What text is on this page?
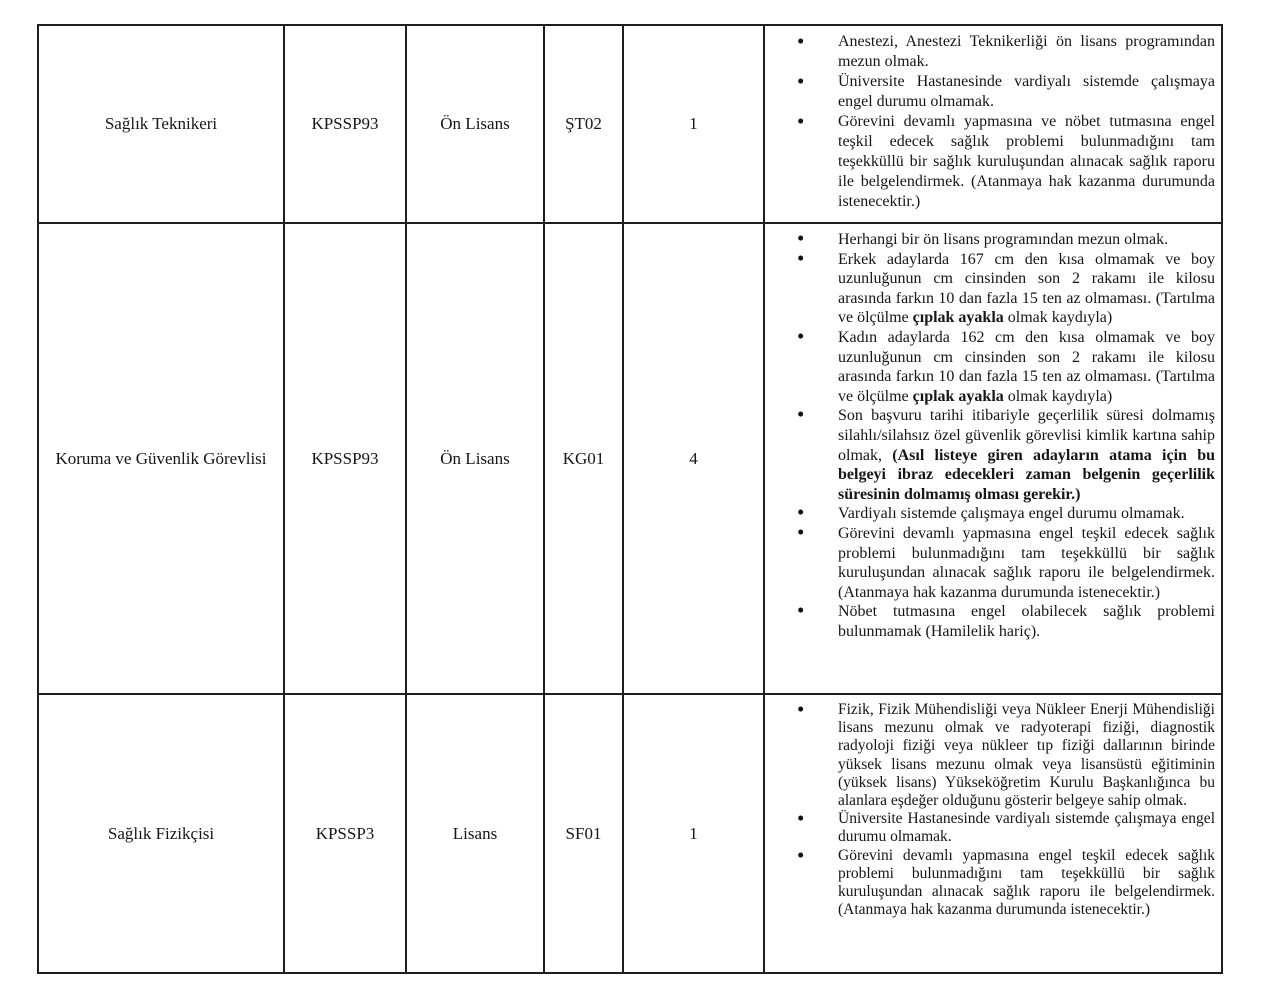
Sağlık Teknikeri	KPSSP93	Ön Lisans	ŞT02	1	
• Anestezi, Anestezi Teknikerliği ön lisans programından mezun olmak.
• Üniversite Hastanesinde vardiyalı sistemde çalışmaya engel durumu olmamak.
• Görevini devamlı yapmasına ve nöbet tutmasına engel teşkil edecek sağlık problemi bulunmadığını tam teşekküllü bir sağlık kuruluşundan alınacak sağlık raporu ile belgelendirmek. (Atanmaya hak kazanma durumunda istenecektir.)

Koruma ve Güvenlik Görevlisi	KPSSP93	Ön Lisans	KG01	4	
• Herhangi bir ön lisans programından mezun olmak.
• Erkek adaylarda 167 cm den kısa olmamak ve boy uzunluğunun cm cinsinden son 2 rakamı ile kilosu arasında farkın 10 dan fazla 15 ten az olmaması. (Tartılma ve ölçülme çıplak ayakla olmak kaydıyla)
• Kadın adaylarda 162 cm den kısa olmamak ve boy uzunluğunun cm cinsinden son 2 rakamı ile kilosu arasında farkın 10 dan fazla 15 ten az olmaması. (Tartılma ve ölçülme çıplak ayakla olmak kaydıyla)
• Son başvuru tarihi itibariyle geçerlilik süresi dolmamış silahlı/silahsız özel güvenlik görevlisi kimlik kartına sahip olmak, (Asıl listeye giren adayların atama için bu belgeyi ibraz edecekleri zaman belgenin geçerlilik süresinin dolmamış olması gerekir.)
• Vardiyalı sistemde çalışmaya engel durumu olmamak.
• Görevini devamlı yapmasına engel teşkil edecek sağlık problemi bulunmadığını tam teşekküllü bir sağlık kuruluşundan alınacak sağlık raporu ile belgelendirmek. (Atanmaya hak kazanma durumunda istenecektir.)
• Nöbet tutmasına engel olabilecek sağlık problemi bulunmamak (Hamilelik hariç).

Sağlık Fizikçisi	KPSSP3	Lisans	SF01	1	
• Fizik, Fizik Mühendisliği veya Nükleer Enerji Mühendisliği lisans mezunu olmak ve radyoterapi fiziği, diagnostik radyoloji fiziği veya nükleer tıp fiziği dallarının birinde yüksek lisans mezunu olmak veya lisansüstü eğitiminin (yüksek lisans) Yükseköğretim Kurulu Başkanlığınca bu alanlara eşdeğer olduğunu gösterir belgeye sahip olmak.
• Üniversite Hastanesinde vardiyalı sistemde çalışmaya engel durumu olmamak.
• Görevini devamlı yapmasına engel teşkil edecek sağlık problemi bulunmadığını tam teşekküllü bir sağlık kuruluşundan alınacak sağlık raporu ile belgelendirmek. (Atanmaya hak kazanma durumunda istenecektir.)
